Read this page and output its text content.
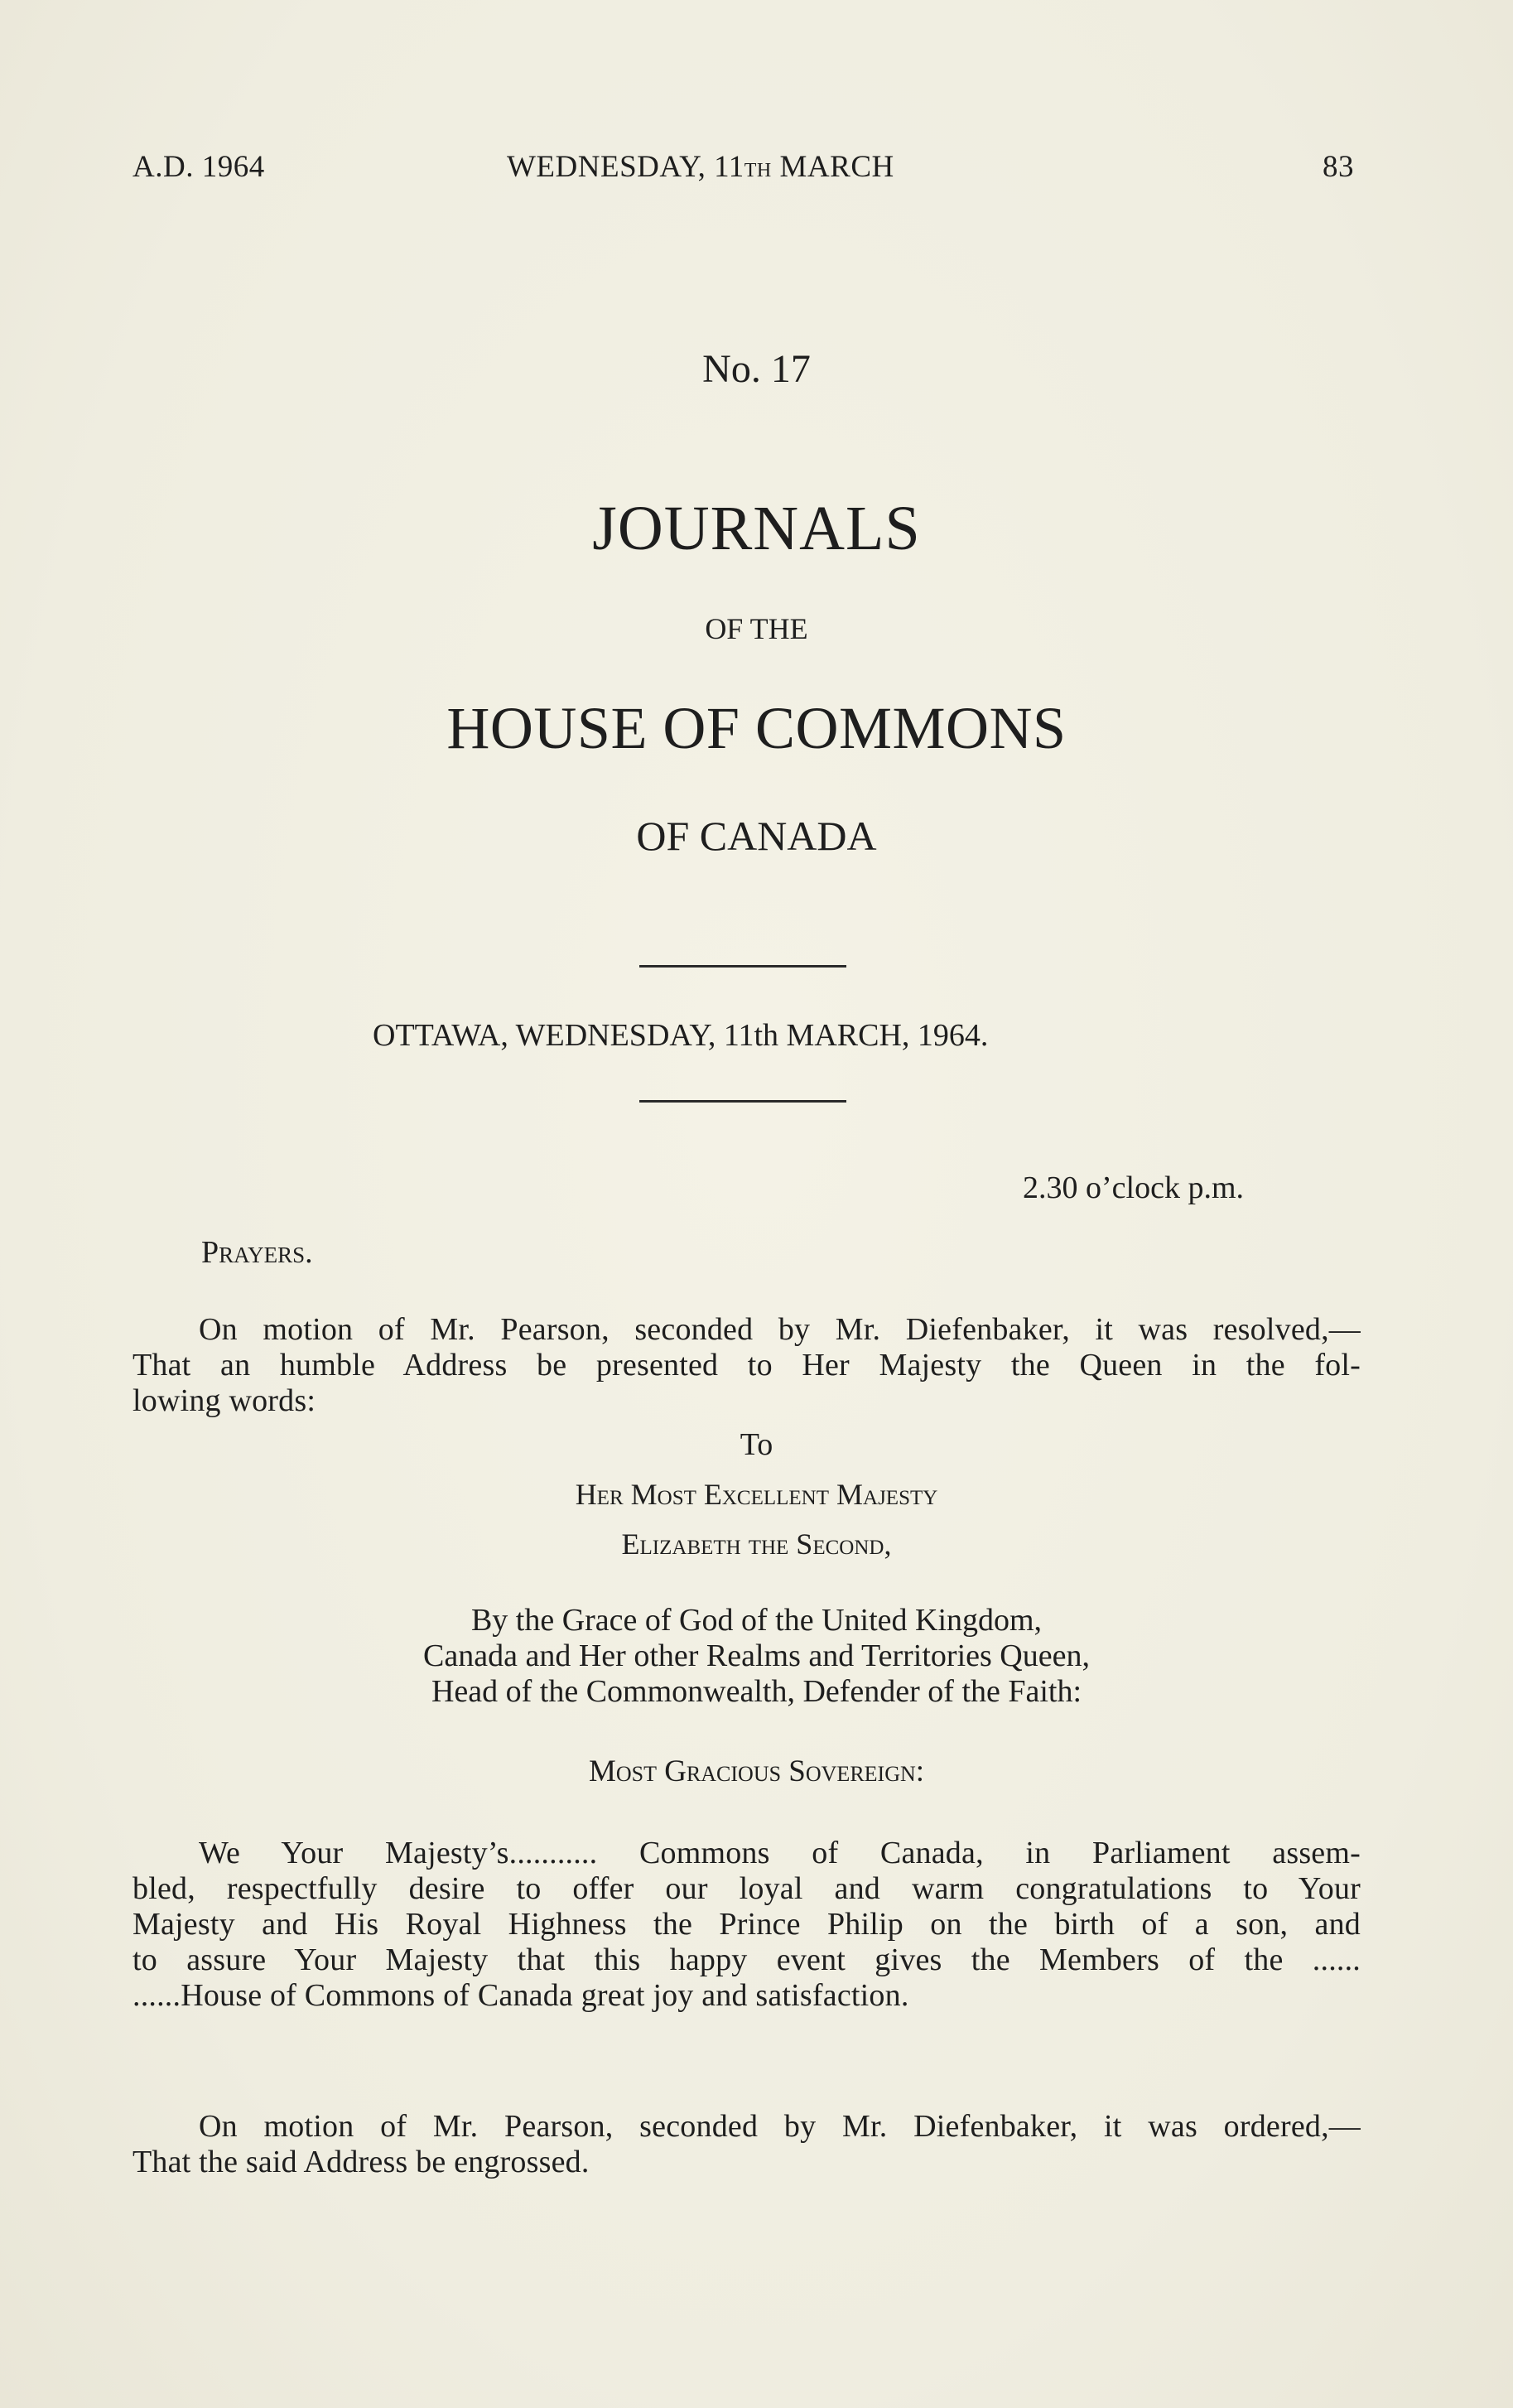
A.D. 1964	WEDNESDAY, 11th MARCH	83
No. 17
JOURNALS
OF THE
HOUSE OF COMMONS
OF CANADA
OTTAWA, WEDNESDAY, 11th MARCH, 1964.
2.30 o’clock p.m.
Prayers.
On motion of Mr. Pearson, seconded by Mr. Diefenbaker, it was resolved,—
That an humble Address be presented to Her Majesty the Queen in the fol-
lowing words:
To
Her Most Excellent Majesty
Elizabeth the Second,
By the Grace of God of the United Kingdom,
Canada and Her other Realms and Territories Queen,
Head of the Commonwealth, Defender of the Faith:
Most Gracious Sovereign:
We Your Majesty’s........... Commons of Canada, in Parliament assem-
bled, respectfully desire to offer our loyal and warm congratulations to Your
Majesty and His Royal Highness the Prince Philip on the birth of a son, and
to assure Your Majesty that this happy event gives the Members of the ......
......House of Commons of Canada great joy and satisfaction.
On motion of Mr. Pearson, seconded by Mr. Diefenbaker, it was ordered,—
That the said Address be engrossed.
